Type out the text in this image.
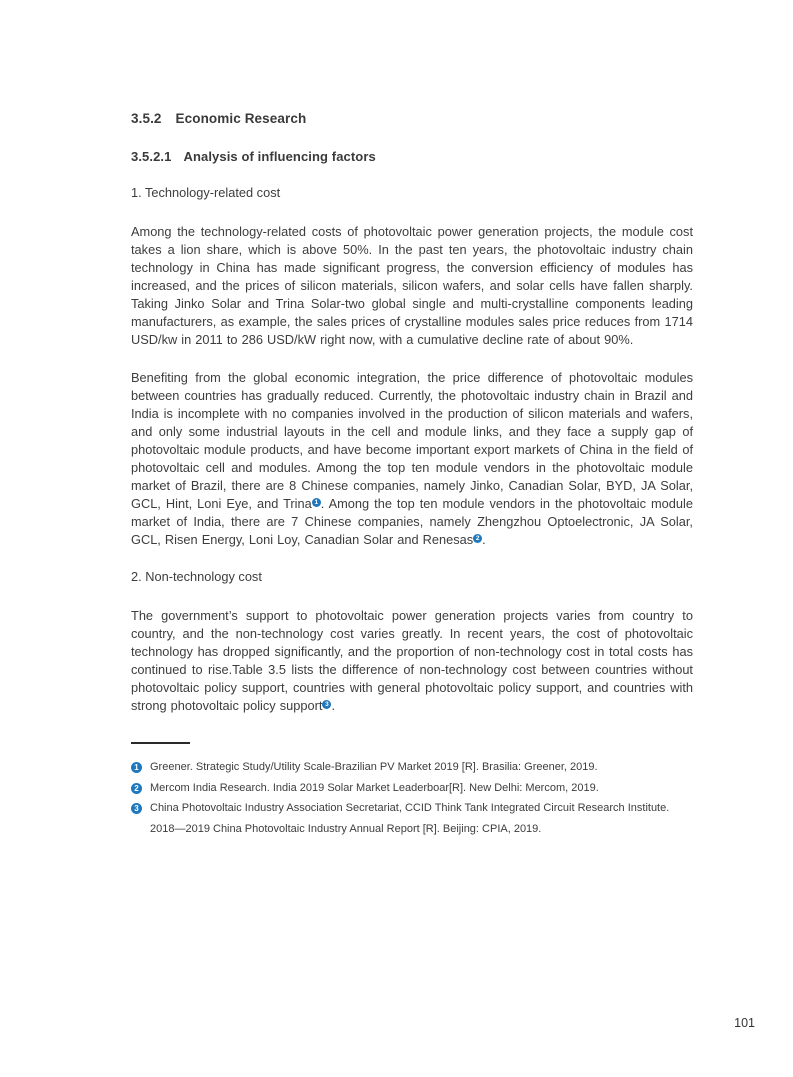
3.5.2 Economic Research
3.5.2.1 Analysis of influencing factors

1. Technology-related cost

Among the technology-related costs of photovoltaic power generation projects, the module cost takes a lion share, which is above 50%. In the past ten years, the photovoltaic industry chain technology in China has made significant progress, the conversion efficiency of modules has increased, and the prices of silicon materials, silicon wafers, and solar cells have fallen sharply. Taking Jinko Solar and Trina Solar-two global single and multi-crystalline components leading manufacturers, as example, the sales prices of crystalline modules sales price reduces from 1714 USD/kw in 2011 to 286 USD/kW right now, with a cumulative decline rate of about 90%.

Benefiting from the global economic integration, the price difference of photovoltaic modules between countries has gradually reduced. Currently, the photovoltaic industry chain in Brazil and India is incomplete with no companies involved in the production of silicon materials and wafers, and only some industrial layouts in the cell and module links, and they face a supply gap of photovoltaic module products, and have become important export markets of China in the field of photovoltaic cell and modules. Among the top ten module vendors in the photovoltaic module market of Brazil, there are 8 Chinese companies, namely Jinko, Canadian Solar, BYD, JA Solar, GCL, Hint, Loni Eye, and Trina $^1$ . Among the top ten module vendors in the photovoltaic module market of India, there are 7 Chinese companies, namely Zhengzhou Optoelectronic, JA Solar, GCL, Risen Energy, Loni Loy, Canadian Solar and Renesas $^2$ .

2. Non-technology cost

The government’s support to photovoltaic power generation projects varies from country to country, and the non-technology cost varies greatly. In recent years, the cost of photovoltaic technology has dropped significantly, and the proportion of non-technology cost in total costs has continued to rise.Table 3.5 lists the difference of non-technology cost between countries without photovoltaic policy support, countries with general photovoltaic policy support, and countries with strong photovoltaic policy support $^3$ .

1 Greener. Strategic Study/Utility Scale-Brazilian PV Market 2019 [R]. Brasilia: Greener, 2019.
2 Mercom India Research. India 2019 Solar Market Leaderboar[R]. New Delhi: Mercom, 2019.
3 China Photovoltaic Industry Association Secretariat, CCID Think Tank Integrated Circuit Research Institute. 2018—2019 China Photovoltaic Industry Annual Report [R]. Beijing: CPIA, 2019.
101
